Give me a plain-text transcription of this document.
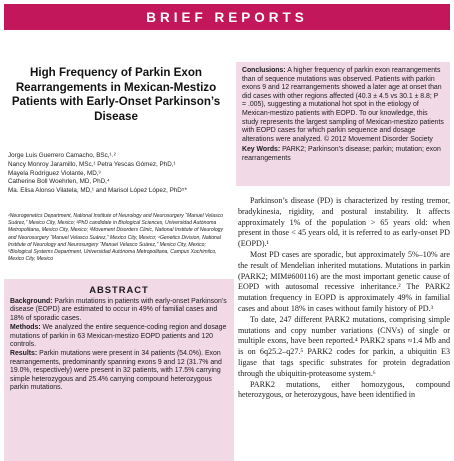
BRIEF REPORTS
High Frequency of Parkin Exon Rearrangements in Mexican-Mestizo Patients with Early-Onset Parkinson’s Disease
Jorge Luis Guerrero Camacho, BSc,¹˒²
Nancy Monroy Jaramillo, MSc,¹ Petra Yescas Gómez, PhD,¹
Mayela Rodríguez Violante, MD,³
Catherine Boll Woehrlen, MD, PhD,⁴
Ma. Elisa Alonso Vilatela, MD,¹ and Marisol López López, PhD⁵*
¹Neurogenetics Department, National Institute of Neurology and Neurosurgery “Manuel Velasco Suárez,” Mexico City, Mexico; ²PhD candidate in Biological Sciences, Universidad Autónoma Metropolitana, Mexico City, Mexico; ³Movement Disorders Clinic, National Institute of Neurology and Neurosurgery “Manuel Velasco Suárez,” Mexico City, Mexico; ⁴Genetics Division, National Institute of Neurology and Neurosurgery “Manuel Velasco Suárez,” Mexico City, Mexico; ⁵Biological Systems Department, Universidad Autónoma Metropolitana, Campus Xochimilco, Mexico City, Mexico
ABSTRACT

Background: Parkin mutations in patients with early-onset Parkinson’s disease (EOPD) are estimated to occur in 49% of familial cases and 18% of sporadic cases.

Methods: We analyzed the entire sequence-coding region and dosage mutations of parkin in 63 Mexican-mestizo EOPD patients and 120 controls.

Results: Parkin mutations were present in 34 patients (54.0%). Exon rearrangements, predominantly spanning exons 9 and 12 (31.7% and 19.0%, respectively) were present in 32 patients, with 17.5% carrying simple heterozygous and 25.4% carrying compound heterozygous parkin mutations.

Conclusions: A higher frequency of parkin exon rearrangements than of sequence mutations was observed. Patients with parkin exons 9 and 12 rearrangements showed a later age at onset than did cases with other regions affected (40.3 ± 4.5 vs 30.1 ± 8.8; P = .005), suggesting a mutational hot spot in the etiology of Mexican-mestizo patients with EOPD. To our knowledge, this study represents the largest sampling of Mexican-mestizo patients with EOPD cases for which parkin sequence and dosage alterations were analyzed. © 2012 Movement Disorder Society

Key Words: PARK2; Parkinson’s disease; parkin; mutation; exon rearrangements

Parkinson’s disease (PD) is characterized by resting tremor, bradykinesia, rigidity, and postural instability. It affects approximately 1% of the population > 65 years old: when present in those < 45 years old, it is referred to as early-onset PD (EOPD).¹

Most PD cases are sporadic, but approximately 5%–10% are the result of Mendelian inherited mutations. Mutations in parkin (PARK2; MIM#600116) are the most important genetic cause of EOPD with autosomal recessive inheritance.² The PARK2 mutation frequency in EOPD is approximately 49% in familial cases and about 18% in cases without family history of PD.³

To date, 247 different PARK2 mutations, comprising simple mutations and copy number variations (CNVs) of single or multiple exons, have been reported.⁴ PARK2 spans ≈1.4 Mb and is on 6q25.2–q27.⁵ PARK2 codes for parkin, a ubiquitin E3 ligase that tags specific substrates for protein degradation through the ubiquitin-proteasome system.⁶

PARK2 mutations, either homozygous, compound heterozygous, or heterozygous, have been identified in
